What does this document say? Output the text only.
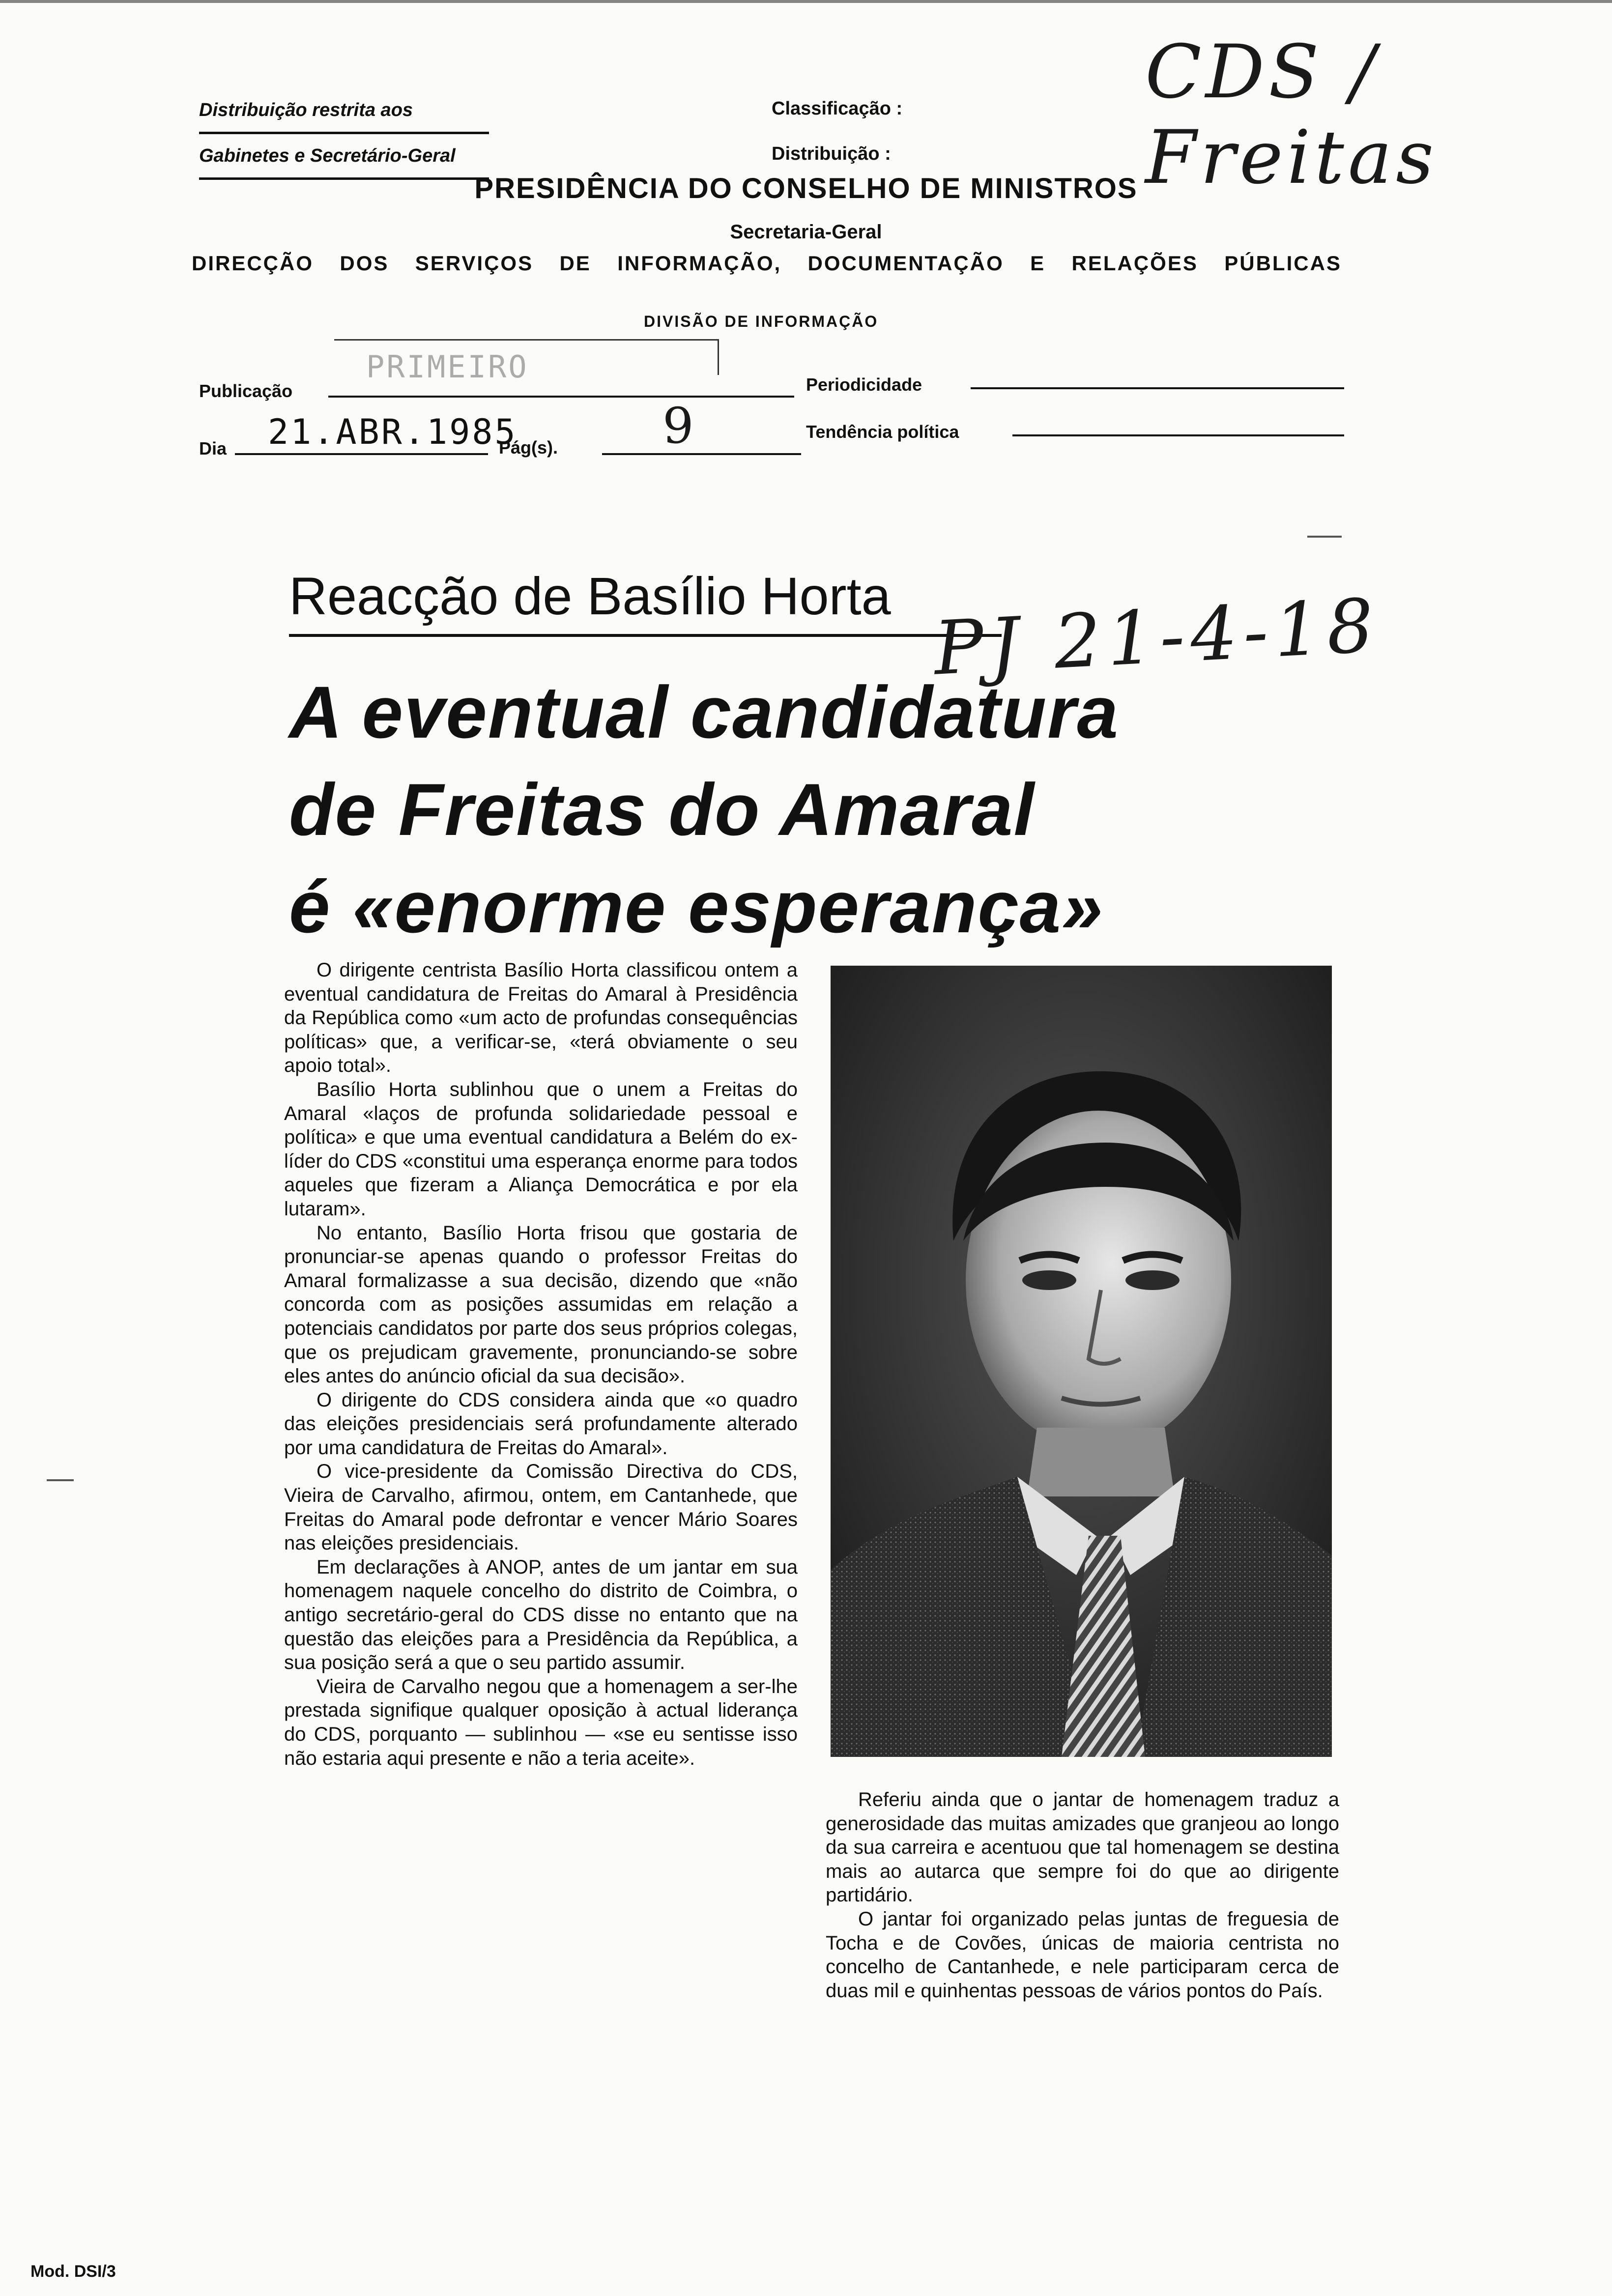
Distribuição restrita aos
Gabinetes e Secretário-Geral
Classificação :
Distribuição :
CDS / Freitas
PRESIDÊNCIA DO CONSELHO DE MINISTROS
Secretaria-Geral
DIRECÇÃO DOS SERVIÇOS DE INFORMAÇÃO, DOCUMENTAÇÃO E RELAÇÕES PÚBLICAS
DIVISÃO DE INFORMAÇÃO
PRIMEIRO
Publicação	Periodicidade
Dia 21.ABR.1985
Pág(s). 9	Tendência política
Reacção de Basílio Horta PJ 21-4-18
A eventual candidatura
de Freitas do Amaral
é «enorme esperança»

O dirigente centrista Basílio Horta classificou ontem a eventual candidatura de Freitas do Amaral à Presidência da República como «um acto de profundas consequências políticas» que, a verificar-se, «terá obviamente o seu apoio total».

Basílio Horta sublinhou que o unem a Freitas do Amaral «laços de profunda solidariedade pessoal e política» e que uma eventual candidatura a Belém do ex-líder do CDS «constitui uma esperança enorme para todos aqueles que fizeram a Aliança Democrática e por ela lutaram».

No entanto, Basílio Horta frisou que gostaria de pronunciar-se apenas quando o professor Freitas do Amaral formalizasse a sua decisão, dizendo que «não concorda com as posições assumidas em relação a potenciais candidatos por parte dos seus próprios colegas, que os prejudicam gravemente, pronunciando-se sobre eles antes do anúncio oficial da sua decisão».

O dirigente do CDS considera ainda que «o quadro das eleições presidenciais será profundamente alterado por uma candidatura de Freitas do Amaral».

O vice-presidente da Comissão Directiva do CDS, Vieira de Carvalho, afirmou, ontem, em Cantanhede, que Freitas do Amaral pode defrontar e vencer Mário Soares nas eleições presidenciais.

Em declarações à ANOP, antes de um jantar em sua homenagem naquele concelho do distrito de Coimbra, o antigo secretário-geral do CDS disse no entanto que na questão das eleições para a Presidência da República, a sua posição será a que o seu partido assumir.

Vieira de Carvalho negou que a homenagem a ser-lhe prestada signifique qualquer oposição à actual liderança do CDS, porquanto — sublinhou — «se eu sentisse isso não estaria aqui presente e não a teria aceite».

Referiu ainda que o jantar de homenagem traduz a generosidade das muitas amizades que granjeou ao longo da sua carreira e acentuou que tal homenagem se destina mais ao autarca que sempre foi do que ao dirigente partidário.

O jantar foi organizado pelas juntas de freguesia de Tocha e de Covões, únicas de maioria centrista no concelho de Cantanhede, e nele participaram cerca de duas mil e quinhentas pessoas de vários pontos do País.

Mod. DSI/3
